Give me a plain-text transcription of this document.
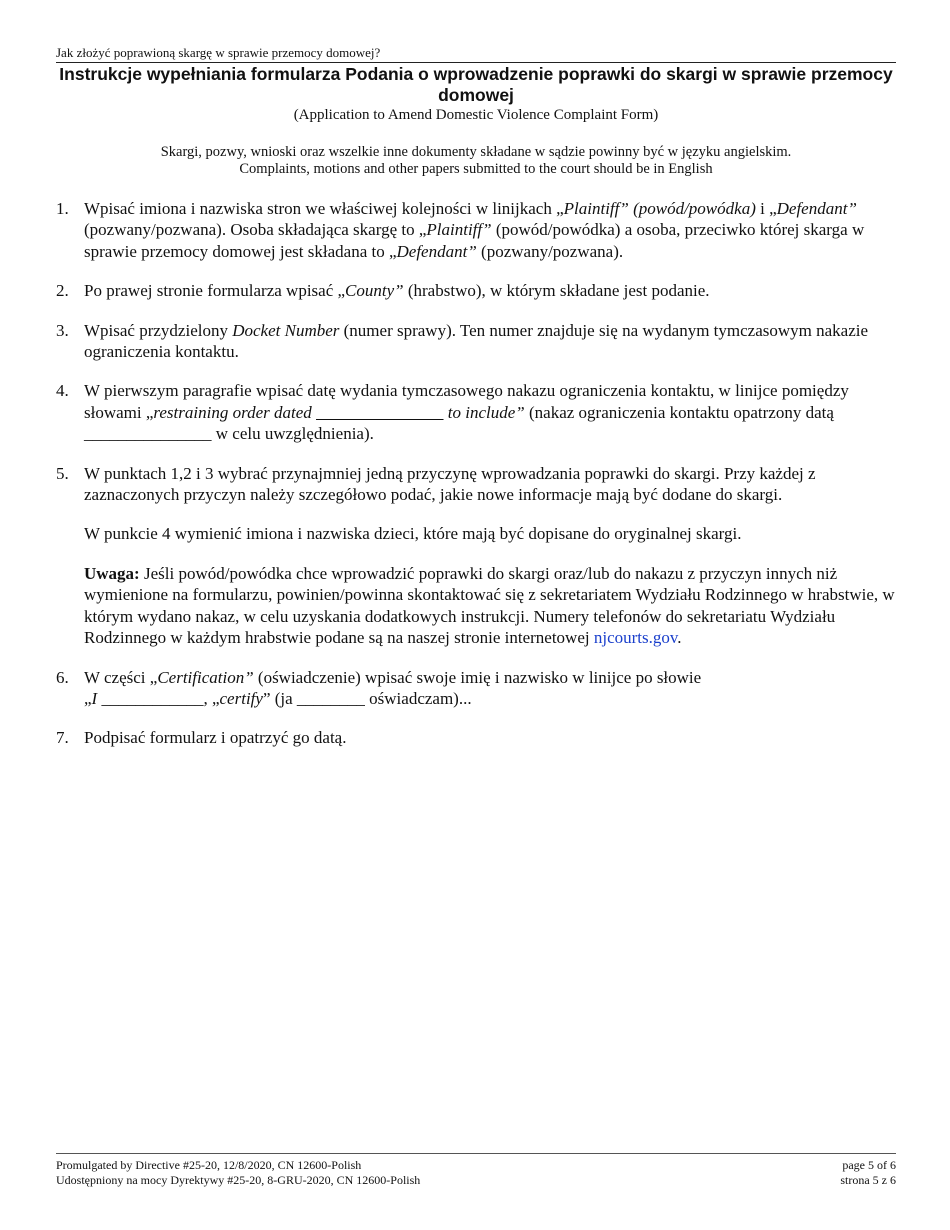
Jak złożyć poprawioną skargę w sprawie przemocy domowej?
Instrukcje wypełniania formularza Podania o wprowadzenie poprawki do skargi w sprawie przemocy domowej
(Application to Amend Domestic Violence Complaint Form)
Skargi, pozwy, wnioski oraz wszelkie inne dokumenty składane w sądzie powinny być w języku angielskim.
Complaints, motions and other papers submitted to the court should be in English
1. Wpisać imiona i nazwiska stron we właściwej kolejności w linijkach „Plaintiff” (powód/powódka) i „Defendant” (pozwany/pozwana). Osoba składająca skargę to „Plaintiff” (powód/powódka) a osoba, przeciwko której skarga w sprawie przemocy domowej jest składana to „Defendant” (pozwany/pozwana).

2. Po prawej stronie formularza wpisać „County” (hrabstwo), w którym składane jest podanie.

3. Wpisać przydzielony Docket Number (numer sprawy). Ten numer znajduje się na wydanym tymczasowym nakazie ograniczenia kontaktu.

4. W pierwszym paragrafie wpisać datę wydania tymczasowego nakazu ograniczenia kontaktu, w linijce pomiędzy słowami „restraining order dated	to include” (nakaz ograniczenia kontaktu opatrzony datą _______________ w celu uwzględnienia).

5. W punktach 1,2 i 3 wybrać przynajmniej jedną przyczynę wprowadzania poprawki do skargi. Przy każdej z zaznaczonych przyczyn należy szczegółowo podać, jakie nowe informacje mają być dodane do skargi.

W punkcie 4 wymienić imiona i nazwiska dzieci, które mają być dopisane do oryginalnej skargi.

Uwaga: Jeśli powód/powódka chce wprowadzić poprawki do skargi oraz/lub do nakazu z przyczyn innych niż wymienione na formularzu, powinien/powinna skontaktować się z sekretariatem Wydziału Rodzinnego w hrabstwie, w którym wydano nakaz, w celu uzyskania dodatkowych instrukcji. Numery telefonów do sekretariatu Wydziału Rodzinnego w każdym hrabstwie podane są na naszej stronie internetowej njcourts.gov.

6. W części „Certification” (oświadczenie) wpisać swoje imię i nazwisko w linijce po słowie
„I ____________, „certify” (ja ________ oświadczam)...

7. Podpisać formularz i opatrzyć go datą.

Promulgated by Directive #25-20, 12/8/2020, CN 12600-Polish	page 5 of 6
Udostępniony na mocy Dyrektywy #25-20, 8-GRU-2020, CN 12600-Polish	strona 5 z 6
